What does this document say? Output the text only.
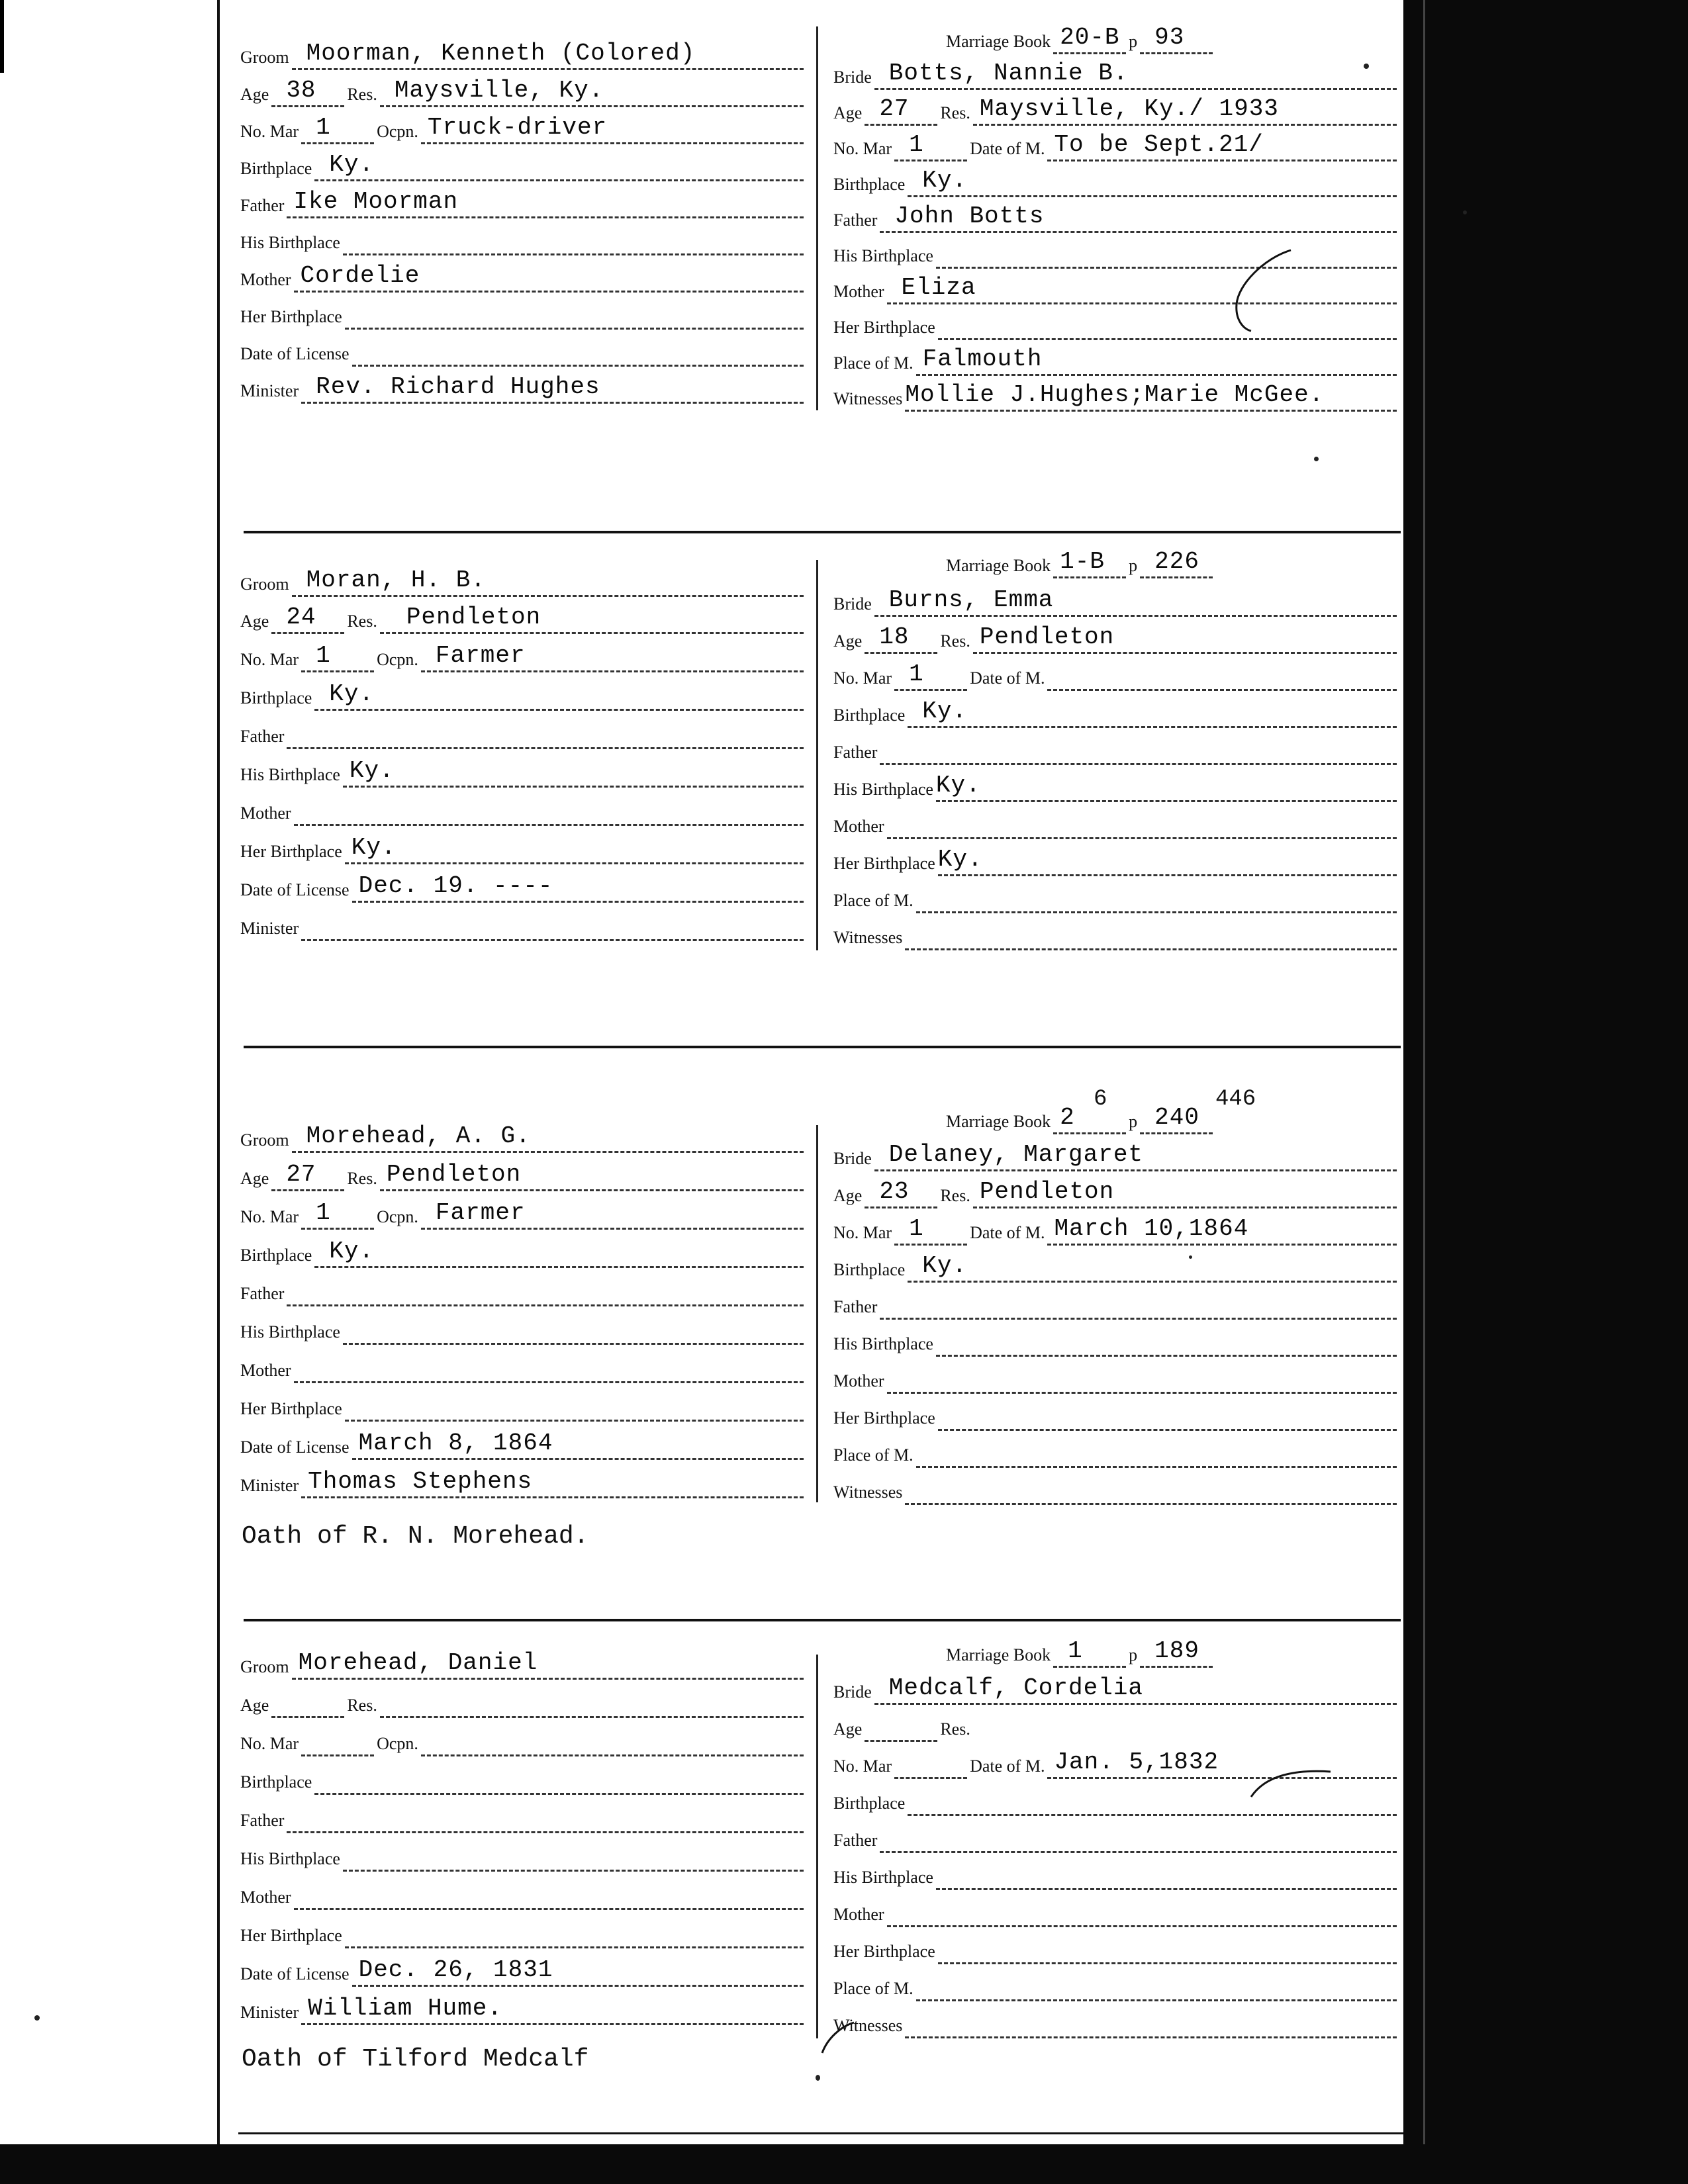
Groom Moorman, Kenneth (Colored)
Age 38 Res. Maysville, Ky.
No. Mar 1	Ocpn. Truck-driver
Birthplace Ky.
Father Ike Moorman
His Birthplace
Mother Cordelie
Her Birthplace
Date of License
Minister Rev. Richard Hughes
Marriage Book 20-B p 93
Bride Botts, Nannie B.
Age 27 Res. Maysville, Ky./ 1933
No. Mar 1	Date of M. To be Sept.21/
Birthplace Ky.
Father John Botts
His Birthplace
Mother Eliza
Her Birthplace
Place of M. Falmouth
Witnesses Mollie J.Hughes;Marie McGee.
Groom Moran, H. B.
Age 24 Res. Pendleton
No. Mar 1	Ocpn. Farmer
Birthplace Ky.
Father
His Birthplace Ky.
Mother
Her Birthplace Ky.
Date of License Dec. 19. ----
Minister
Marriage Book 1-B p 226
Bride Burns, Emma
Age 18 Res. Pendleton
No. Mar 1	Date of M.
Birthplace Ky.
Father
His Birthplace Ky.
Mother
Her Birthplace Ky.
Place of M.
Witnesses
Groom Morehead, A. G.
Age 27 Res. Pendleton
No. Mar 1	Ocpn. Farmer
Birthplace Ky.
Father
His Birthplace
Mother
Her Birthplace
Date of License March 8, 1864
Minister Thomas Stephens
Oath of R. N. Morehead.
6	446
Marriage Book 2	p 240
Bride Delaney, Margaret
Age 23 Res. Pendleton
No. Mar 1	Date of M. March 10,1864
Birthplace Ky.
Father
His Birthplace
Mother
Her Birthplace
Place of M.
Witnesses
Groom Morehead, Daniel
Age	Res.
No. Mar	Ocpn.
Birthplace
Father
His Birthplace
Mother
Her Birthplace
Date of License Dec. 26, 1831
Minister William Hume.
Oath of Tilford Medcalf
Marriage Book 1	p 189
Bride Medcalf, Cordelia
Age	Res.
No. Mar	Date of M. Jan. 5,1832
Birthplace
Father
His Birthplace
Mother
Her Birthplace
Place of M.
Witnesses
